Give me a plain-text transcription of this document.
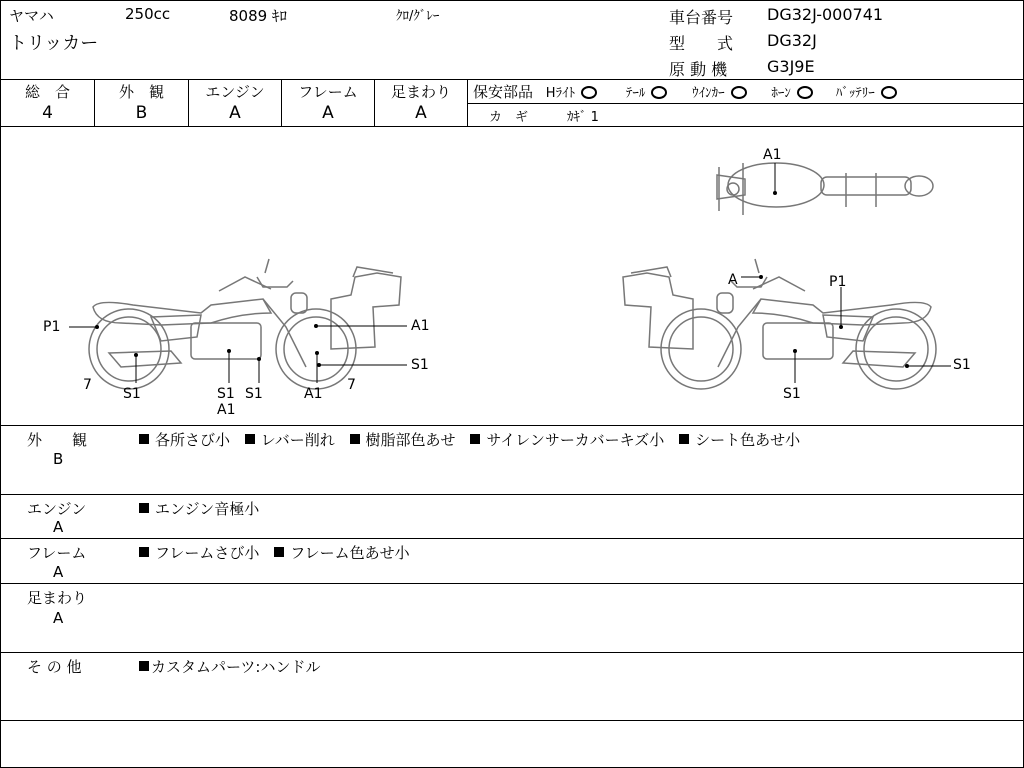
ヤマハ	250cc	8089 ｷﾛ	ｸﾛ/ｸﾞﾚｰ
トリッカー
車台番号 DG32J-000741
型　　式 DG32J
原 動 機 G3J9E
総　合
4
外　観
B
エンジン
A
フレーム
A
足まわり
A
保安部品 Hﾗｲﾄ	ﾃｰﾙ	ｳｲﾝｶｰ	ﾎｰﾝ	ﾊﾞｯﾃﾘｰ
カ　ギ	ｶｷﾞ 1
P1	A1
S1
7
A1
7
S1	S1
A1
S1
A1
A	P1
S1
S1
外　　観
B
各所さび小 レバー削れ 樹脂部色あせ サイレンサーカバーキズ小 シート色あせ小
エンジン
A
エンジン音極小
フレーム
A
フレームさび小 フレーム色あせ小
足まわり
A
そ の 他	カスタムパーツ:ハンドル
